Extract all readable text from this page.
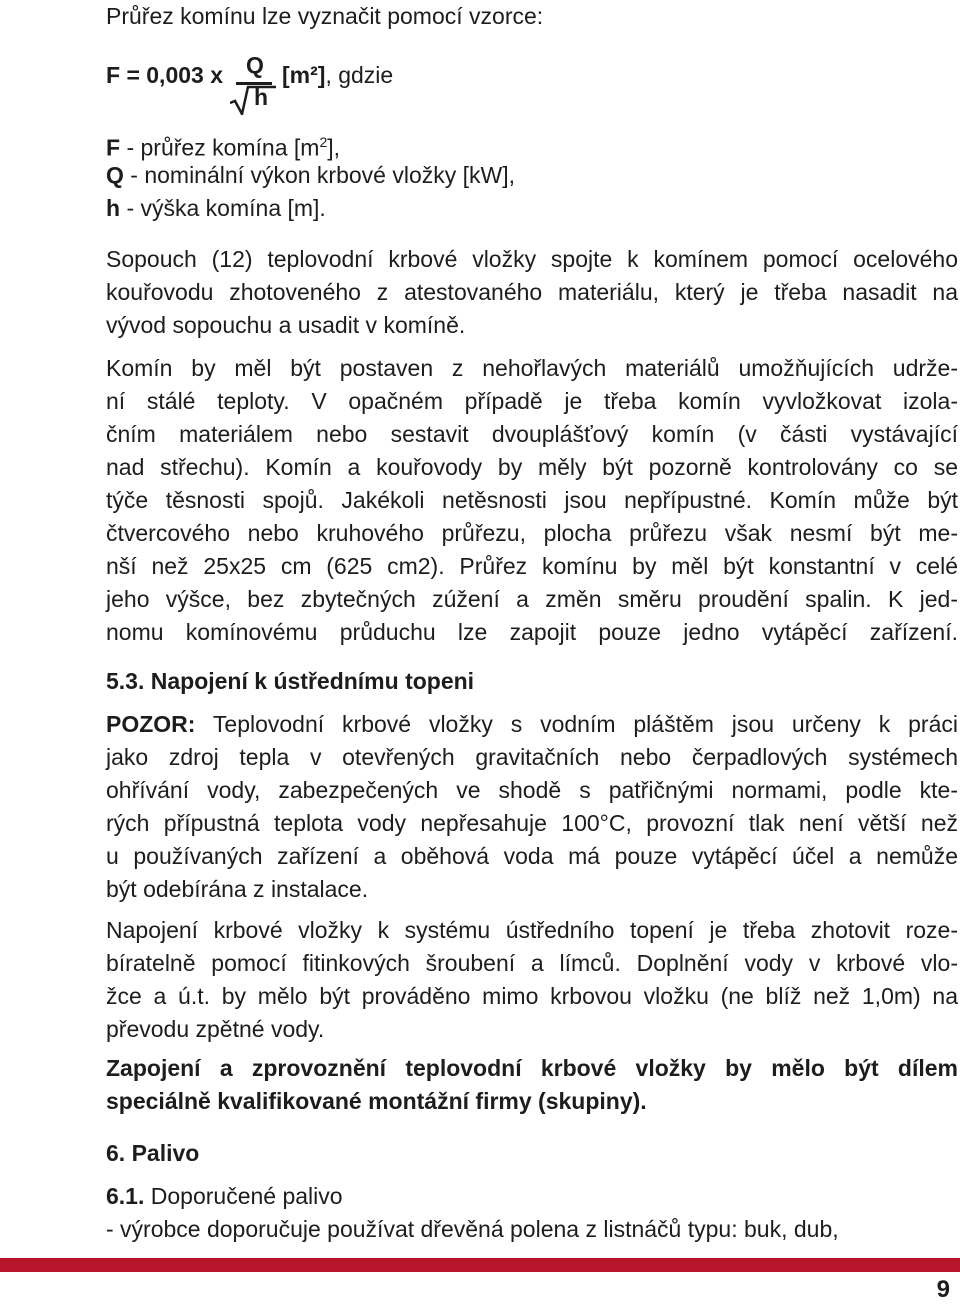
Průřez komínu lze vyznačit pomocí vzorce:
F = 0,003 x Q
h
[m²], gdzie
F - průřez komína $[m^2]$,
Q - nominální výkon krbové vložky [kW],
h - výška komína [m].
Sopouch (12) teplovodní krbové vložky spojte k komínem pomocí ocelového
kouřovodu zhotoveného z atestovaného materiálu, který je třeba nasadit na
vývod sopouchu a usadit v komíně.
Komín by měl být postaven z nehořlavých materiálů umožňujících udrže-
ní stálé teploty. V opačném případě je třeba komín vyvložkovat izola-
čním materiálem nebo sestavit dvouplášťový komín (v části vystávající
nad střechu). Komín a kouřovody by měly být pozorně kontrolovány co se
týče těsnosti spojů. Jakékoli netěsnosti jsou nepřípustné. Komín může být
čtvercového nebo kruhového průřezu, plocha průřezu však nesmí být me-
nší než 25x25 cm (625 cm2). Průřez komínu by měl být konstantní v celé
jeho výšce, bez zbytečných zúžení a změn směru proudění spalin. K jed-
nomu komínovému průduchu lze zapojit pouze jedno vytápěcí zařízení.
5.3. Napojení k ústřednímu topeni
POZOR: Teplovodní krbové vložky s vodním pláštěm jsou určeny k práci
jako zdroj tepla v otevřených gravitačních nebo čerpadlových systémech
ohřívání vody, zabezpečených ve shodě s patřičnými normami, podle kte-
rých přípustná teplota vody nepřesahuje 100°C, provozní tlak není větší než
u používaných zařízení a oběhová voda má pouze vytápěcí účel a nemůže
být odebírána z instalace.
Napojení krbové vložky k systému ústředního topení je třeba zhotovit roze-
bíratelně pomocí fitinkových šroubení a límců. Doplnění vody v krbové vlo-
žce a ú.t. by mělo být prováděno mimo krbovou vložku (ne blíž než 1,0m) na
převodu zpětné vody.
Zapojení a zprovoznění teplovodní krbové vložky by mělo být dílem
speciálně kvalifikované montážní firmy (skupiny).
6. Palivo
6.1. Doporučené palivo
- výrobce doporučuje používat dřevěná polena z listnáčů typu: buk, dub,
9
